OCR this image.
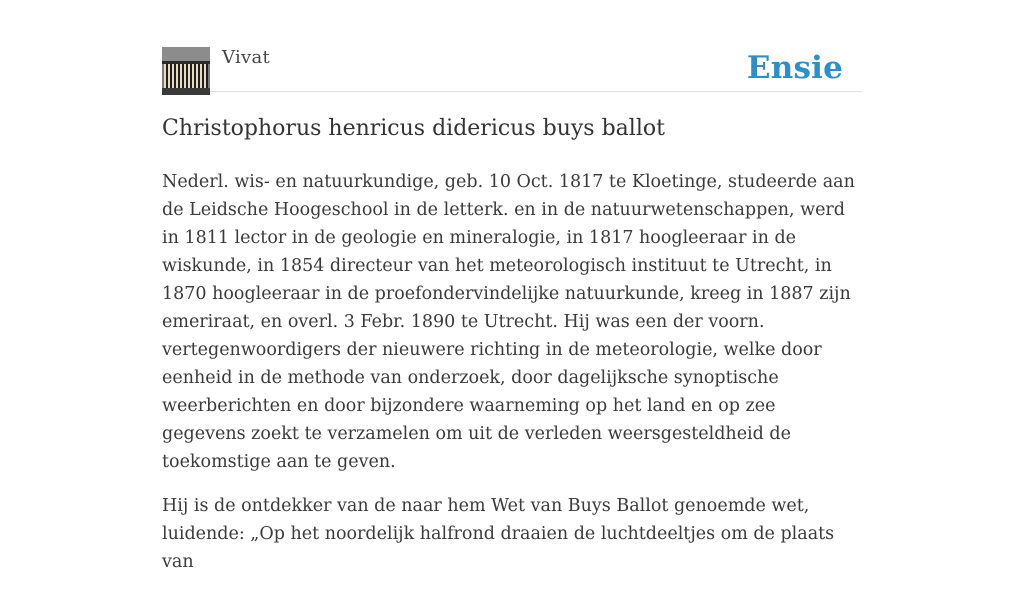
Vivat	Ensie
Christophorus henricus didericus buys ballot

Nederl. wis- en natuurkundige, geb. 10 Oct. 1817 te Kloetinge, studeerde aan de Leidsche Hoogeschool in de letterk. en in de natuurwetenschappen, werd in 1811 lector in de geologie en mineralogie, in 1817 hoogleeraar in de wiskunde, in 1854 directeur van het meteorologisch instituut te Utrecht, in 1870 hoogleeraar in de proefondervindelijke natuurkunde, kreeg in 1887 zijn emeriraat, en overl. 3 Febr. 1890 te Utrecht. Hij was een der voorn. vertegenwoordigers der nieuwere richting in de meteorologie, welke door eenheid in de methode van onderzoek, door dagelijksche synoptische weerberichten en door bijzondere waarneming op het land en op zee gegevens zoekt te verzamelen om uit de verleden weersgesteldheid de toekomstige aan te geven.

Hij is de ontdekker van de naar hem Wet van Buys Ballot genoemde wet, luidende: „Op het noordelijk halfrond draaien de luchtdeeltjes om de plaats van
